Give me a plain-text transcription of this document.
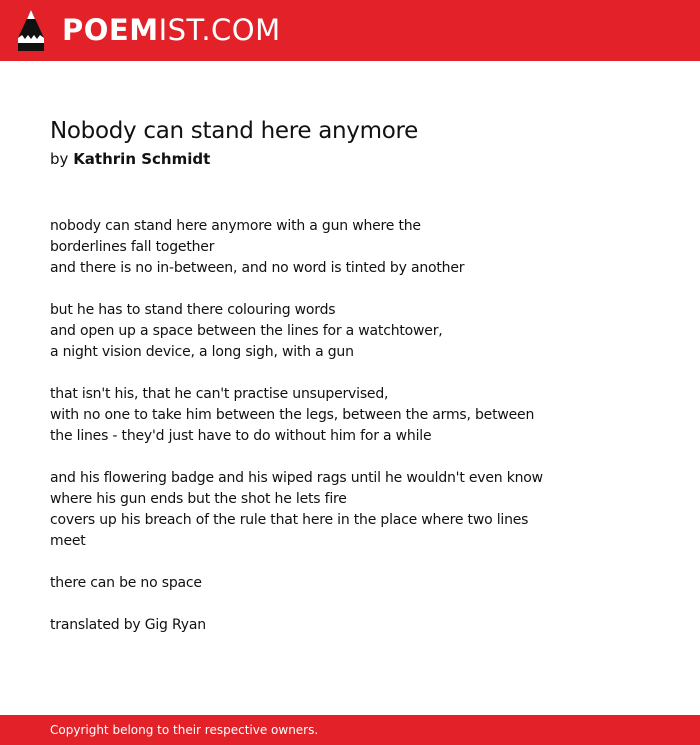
POEMIST.COM
Nobody can stand here anymore
by Kathrin Schmidt
nobody can stand here anymore with a gun where the
borderlines fall together
and there is no in-between, and no word is tinted by another
but he has to stand there colouring words
and open up a space between the lines for a watchtower,
a night vision device, a long sigh, with a gun
that isn't his, that he can't practise unsupervised,
with no one to take him between the legs, between the arms, between
the lines - they'd just have to do without him for a while
and his flowering badge and his wiped rags until he wouldn't even know
where his gun ends but the shot he lets fire
covers up his breach of the rule that here in the place where two lines
meet
there can be no space
translated by Gig Ryan
Copyright belong to their respective owners.
